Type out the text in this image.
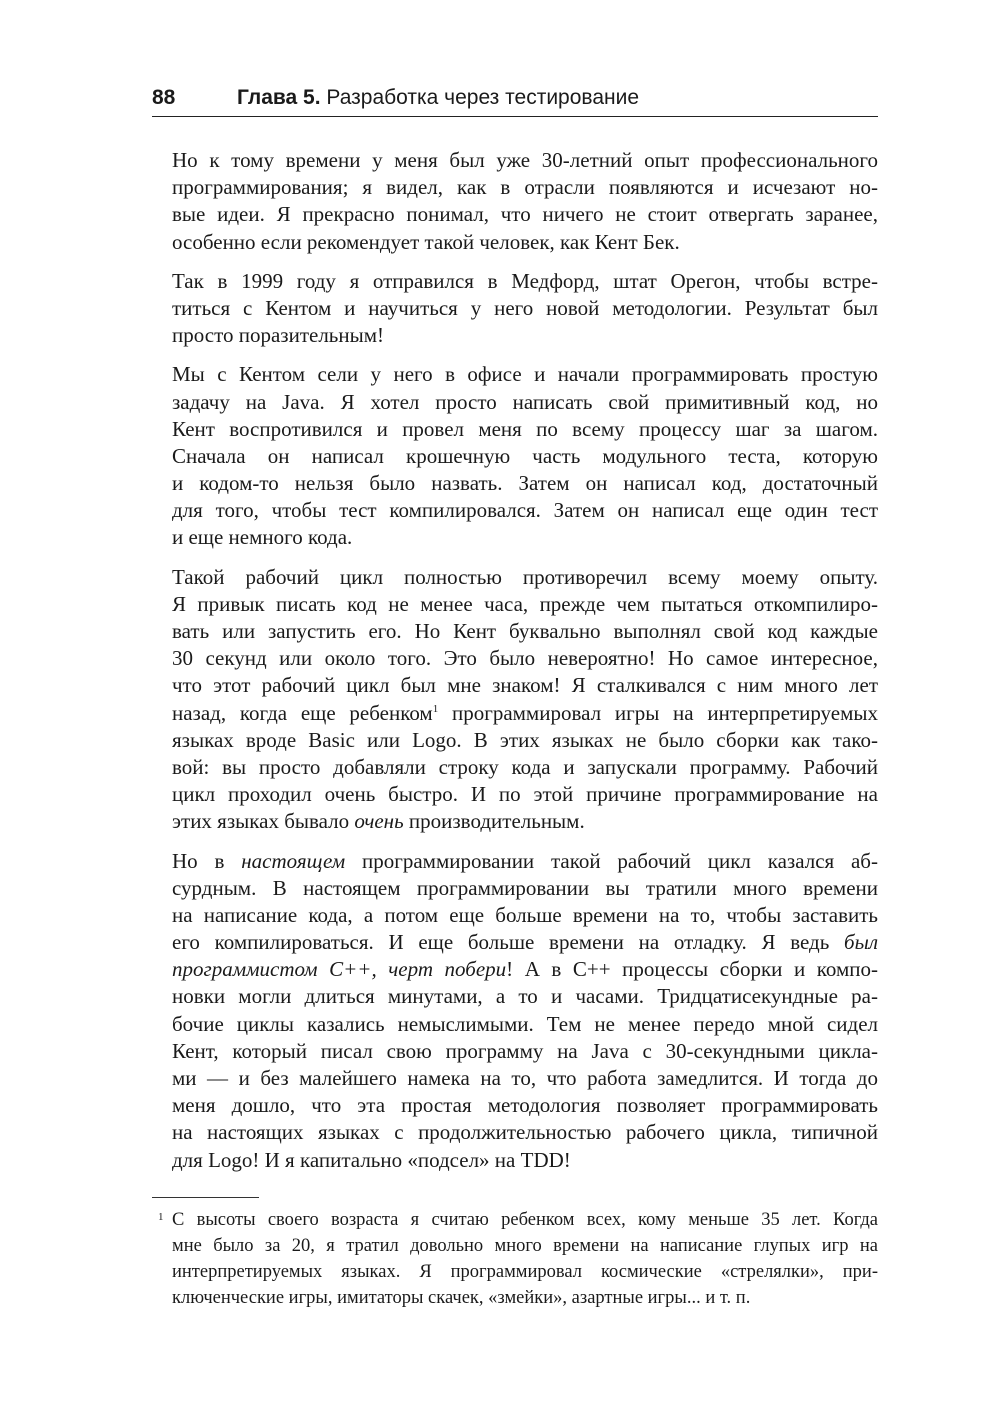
88	Глава 5. Разработка через тестирование
Но к тому времени у меня был уже 30-летний опыт профессионального
программирования; я видел, как в отрасли появляются и исчезают но-
вые идеи. Я прекрасно понимал, что ничего не стоит отвергать заранее,
особенно если рекомендует такой человек, как Кент Бек.
Так в 1999 году я отправился в Медфорд, штат Орегон, чтобы встре-
титься с Кентом и научиться у него новой методологии. Результат был
просто поразительным!
Мы с Кентом сели у него в офисе и начали программировать простую
задачу на Java. Я хотел просто написать свой примитивный код, но
Кент воспротивился и провел меня по всему процессу шаг за шагом.
Сначала он написал крошечную часть модульного теста, которую
и кодом-то нельзя было назвать. Затем он написал код, достаточный
для того, чтобы тест компилировался. Затем он написал еще один тест
и еще немного кода.
Такой рабочий цикл полностью противоречил всему моему опыту.
Я привык писать код не менее часа, прежде чем пытаться откомпилиро-
вать или запустить его. Но Кент буквально выполнял свой код каждые
30 секунд или около того. Это было невероятно! Но самое интересное,
что этот рабочий цикл был мне знаком! Я сталкивался с ним много лет
назад, когда еще ребенком$^1$ программировал игры на интерпретируемых
языках вроде Basic или Logo. В этих языках не было сборки как тако-
вой: вы просто добавляли строку кода и запускали программу. Рабочий
цикл проходил очень быстро. И по этой причине программирование на
этих языках бывало очень производительным.
Но в настоящем программировании такой рабочий цикл казался аб-
сурдным. В настоящем программировании вы тратили много времени
на написание кода, а потом еще больше времени на то, чтобы заставить
его компилироваться. И еще больше времени на отладку. Я ведь был
программистом С++, черт побери! А в С++ процессы сборки и компо-
новки могли длиться минутами, а то и часами. Тридцатисекундные ра-
бочие циклы казались немыслимыми. Тем не менее передо мной сидел
Кент, который писал свою программу на Java с 30-секундными цикла-
ми — и без малейшего намека на то, что работа замедлится. И тогда до
меня дошло, что эта простая методология позволяет программировать
на настоящих языках с продолжительностью рабочего цикла, типичной
для Logo! И я капитально «подсел» на TDD!
1 С высоты своего возраста я считаю ребенком всех, кому меньше 35 лет. Когда
мне было за 20, я тратил довольно много времени на написание глупых игр на
интерпретируемых языках. Я программировал космические «стрелялки», при-
ключенческие игры, имитаторы скачек, «змейки», азартные игры... и т. п.
